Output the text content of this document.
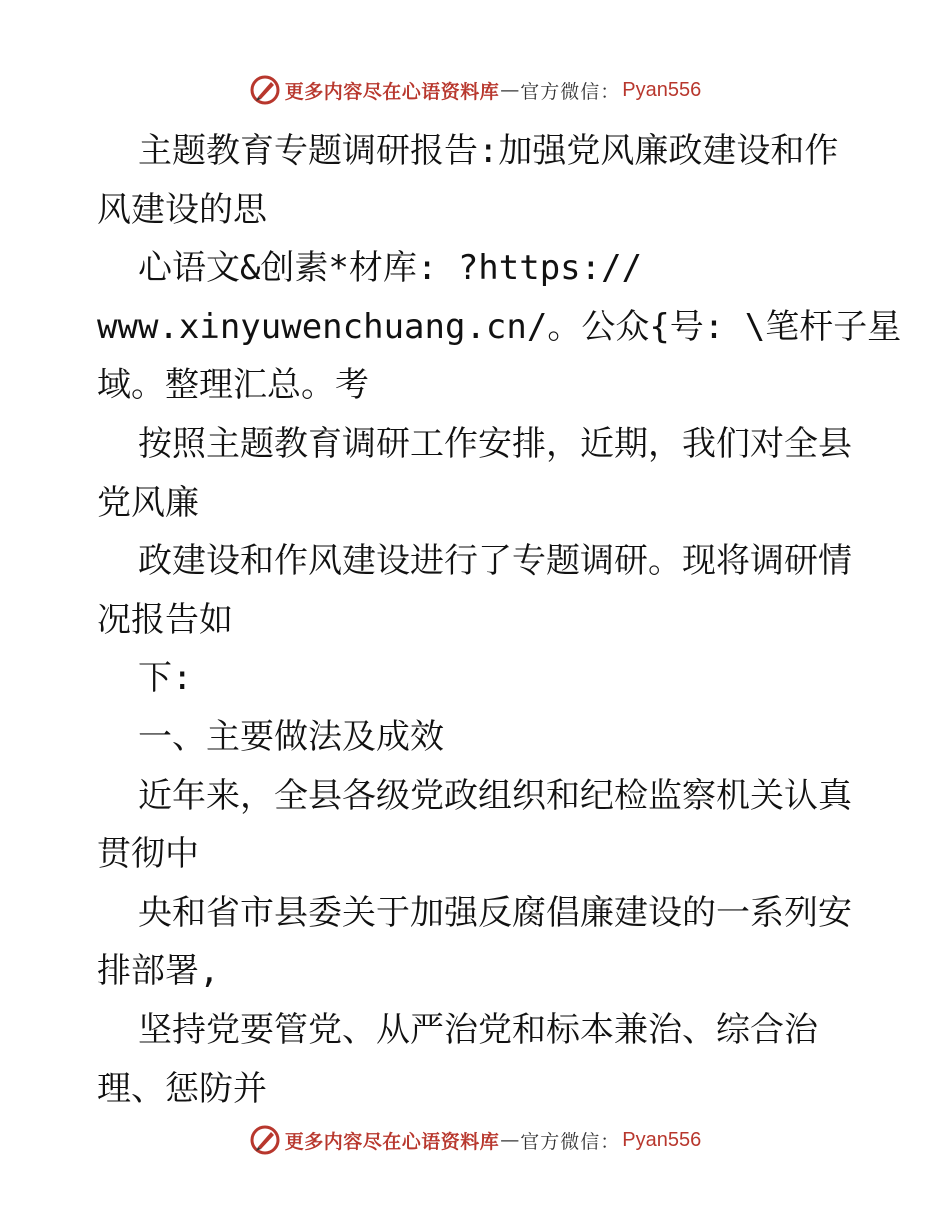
更多内容尽在心语资料库 — 官方微信： Pyan556

主题教育专题调研报告:加强党风廉政建设和作

风建设的思

心语文&创素*材库: ?https://

www.xinyuwenchuang.cn/。公众{号: \笔杆子星

域。整理汇总。考

按照主题教育调研工作安排，近期，我们对全县

党风廉

政建设和作风建设进行了专题调研。现将调研情

况报告如

下:

一、主要做法及成效

近年来，全县各级党政组织和纪检监察机关认真

贯彻中

央和省市县委关于加强反腐倡廉建设的一系列安

排部署,

坚持党要管党、从严治党和标本兼治、综合治

理、惩防并

更多内容尽在心语资料库 — 官方微信： Pyan556
